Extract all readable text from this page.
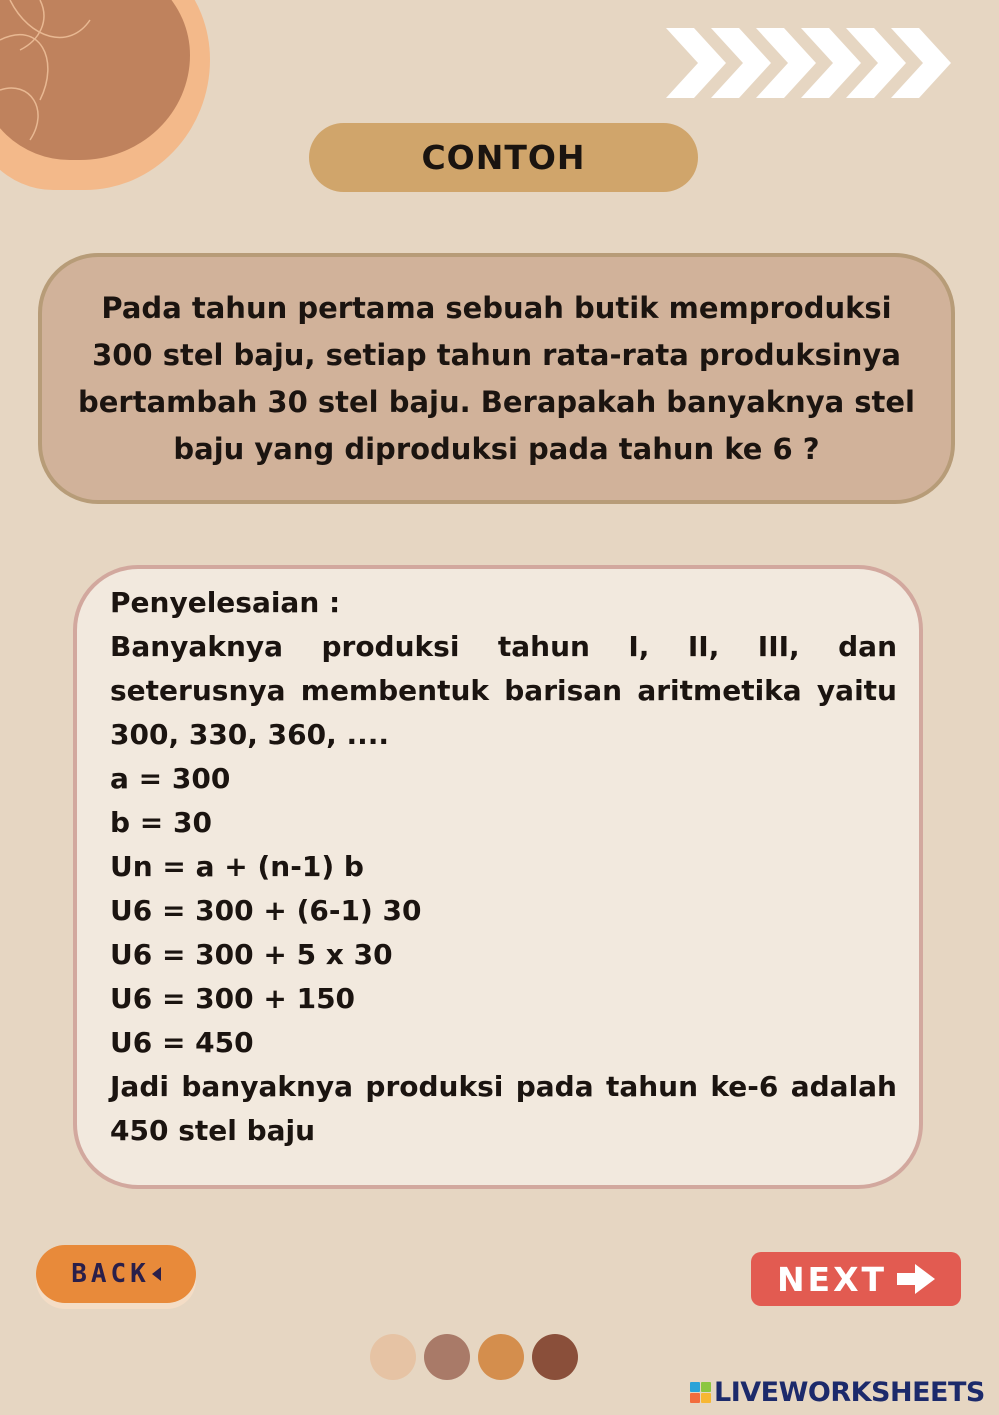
CONTOH
Pada tahun pertama sebuah butik memproduksi 300 stel baju, setiap tahun rata-rata produksinya bertambah 30 stel baju. Berapakah banyaknya stel baju yang diproduksi pada tahun ke 6 ?
Penyelesaian :
Banyaknya produksi tahun I, II, III, dan seterusnya membentuk barisan aritmetika yaitu 300, 330, 360, ....
a = 300
b = 30
Un = a + (n-1) b
U6 = 300 + (6-1) 30
U6 = 300 + 5 x 30
U6 = 300 + 150
U6 = 450
Jadi banyaknya produksi pada tahun ke-6 adalah 450 stel baju
BACK	NEXT
LIVEWORKSHEETS
